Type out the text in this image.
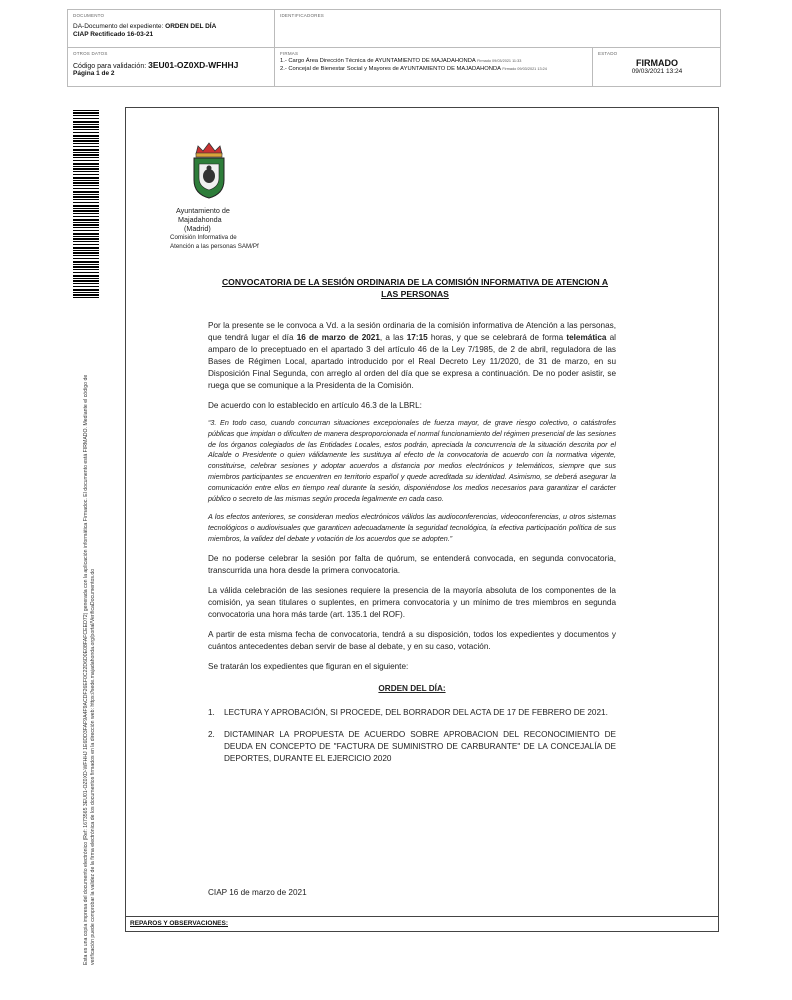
DOCUMENTO
DA-Documento del expediente: ORDEN DEL DÍA
CIAP Rectificado 16-03-21
IDENTIFICADORES
OTROS DATOS
Código para validación: 3EU01-OZ0XD-WFHHJ
Página 1 de 2
FIRMAS
1.- Cargo Área Dirección Técnica de AYUNTAMIENTO DE MAJADAHONDA Firmado 09/03/2021 11:33
2.- Concejal de Bienestar Social y Mayores de AYUNTAMIENTO DE MAJADAHONDA Firmado 09/03/2021 13:24
ESTADO
FIRMADO
09/03/2021 13:24
Esta es una copia impresa del documento electrónico (Ref: 1673565 3EU01-OZ0XD-WFHHJ 1E6DD3FAF9A4F9ACDF26EF0C22D6D0E08FAFCEED72) generada con la aplicación informática Firmadoc. El documento está FIRMADO. Mediante el código de verificación puede comprobar la validez de la firma electrónica de los documentos firmados en la dirección web: https://sede.majadahonda.org/portal/VerificaDocumentos.do
Ayuntamiento de
Majadahonda
(Madrid)
Comisión Informativa de
Atención a las personas SAM/Pf
CONVOCATORIA DE LA SESIÓN ORDINARIA DE LA COMISIÓN INFORMATIVA DE ATENCION A
LAS PERSONAS

Por la presente se le convoca a Vd. a la sesión ordinaria de la comisión informativa de Atención a las personas, que tendrá lugar el día 16 de marzo de 2021, a las 17:15 horas, y que se celebrará de forma telemática al amparo de lo preceptuado en el apartado 3 del artículo 46 de la Ley 7/1985, de 2 de abril, reguladora de las Bases de Régimen Local, apartado introducido por el Real Decreto Ley 11/2020, de 31 de marzo, en su Disposición Final Segunda, con arreglo al orden del día que se expresa a continuación. De no poder asistir, se ruega que se comunique a la Presidenta de la Comisión.

De acuerdo con lo establecido en artículo 46.3 de la LBRL:

“3. En todo caso, cuando concurran situaciones excepcionales de fuerza mayor, de grave riesgo colectivo, o catástrofes públicas que impidan o dificulten de manera desproporcionada el normal funcionamiento del régimen presencial de las sesiones de los órganos colegiados de las Entidades Locales, estos podrán, apreciada la concurrencia de la situación descrita por el Alcalde o Presidente o quien válidamente les sustituya al efecto de la convocatoria de acuerdo con la normativa vigente, constituirse, celebrar sesiones y adoptar acuerdos a distancia por medios electrónicos y telemáticos, siempre que sus miembros participantes se encuentren en territorio español y quede acreditada su identidad. Asimismo, se deberá asegurar la comunicación entre ellos en tiempo real durante la sesión, disponiéndose los medios necesarios para garantizar el carácter público o secreto de las mismas según proceda legalmente en cada caso.

A los efectos anteriores, se consideran medios electrónicos válidos las audioconferencias, videoconferencias, u otros sistemas tecnológicos o audiovisuales que garanticen adecuadamente la seguridad tecnológica, la efectiva participación política de sus miembros, la validez del debate y votación de los acuerdos que se adopten.”

De no poderse celebrar la sesión por falta de quórum, se entenderá convocada, en segunda convocatoria, transcurrida una hora desde la primera convocatoria.

La válida celebración de las sesiones requiere la presencia de la mayoría absoluta de los componentes de la comisión, ya sean titulares o suplentes, en primera convocatoria y un mínimo de tres miembros en segunda convocatoria una hora más tarde (art. 135.1 del ROF).

A partir de esta misma fecha de convocatoria, tendrá a su disposición, todos los expedientes y documentos y cuántos antecedentes deban servir de base al debate, y en su caso, votación.

Se tratarán los expedientes que figuran en el siguiente:

ORDEN DEL DÍA:
1.	LECTURA Y APROBACIÓN, SI PROCEDE, DEL BORRADOR DEL ACTA DE 17 DE FEBRERO DE 2021.
2.	DICTAMINAR LA PROPUESTA DE ACUERDO SOBRE APROBACION DEL RECONOCIMIENTO DE DEUDA EN CONCEPTO DE "FACTURA DE SUMINISTRO DE CARBURANTE" DE LA CONCEJALÍA DE DEPORTES, DURANTE EL EJERCICIO 2020
CIAP 16 de marzo de 2021
REPAROS Y OBSERVACIONES:
